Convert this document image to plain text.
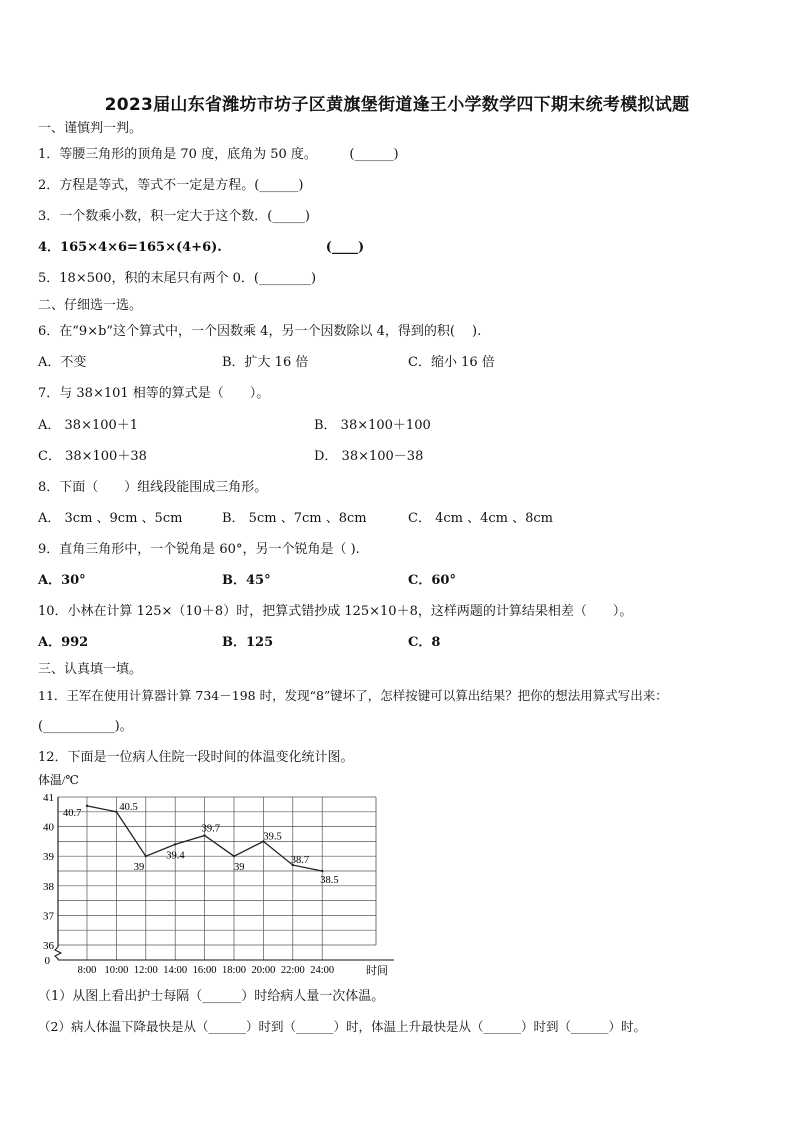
2023届山东省潍坊市坊子区黄旗堡街道逢王小学数学四下期末统考模拟试题
一、谨慎判一判。
1．等腰三角形的顶角是 70 度，底角为 50 度。　　　(______)
2．方程是等式，等式不一定是方程。(______)
3．一个数乘小数，积一定大于这个数．(_____)
4．165×4×6=165×(4+6).　　　　　　　　(____)
5．18×500，积的末尾只有两个 0．(________)
二、仔细选一选。
6．在“9×b”这个算式中，一个因数乘 4，另一个因数除以 4，得到的积(　 ).
A．不变	B．扩大 16 倍	C．缩小 16 倍
7．与 38×101 相等的算式是（　　）。
A． 38×100＋1	B． 38×100＋100
C． 38×100＋38	D． 38×100－38
8．下面（　　）组线段能围成三角形。
A． 3cm 、9cm 、5cm	B． 5cm 、7cm 、8cm	C． 4cm 、4cm 、8cm
9．直角三角形中，一个锐角是 60°，另一个锐角是（ ).
A．30°	B．45°	C．60°
10．小林在计算 125×（10＋8）时，把算式错抄成 125×10＋8，这样两题的计算结果相差（　　）。
A．992	B．125	C．8
三、认真填一填。
11．王军在使用计算器计算 734－198 时，发现“8”键坏了，怎样按键可以算出结果？把你的想法用算式写出来：
(___________)。
12．下面是一位病人住院一段时间的体温变化统计图。
体温/℃
36
37
38
39
40
41
0
8:00 10:00 12:00 14:00 16:00 18:00 20:00 22:00 24:00
40.7
40.5
39
39.4
39.7
39
39.5
38.7
38.5
时间
（1）从图上看出护士每隔（______）时给病人量一次体温。
（2）病人体温下降最快是从（______）时到（______）时，体温上升最快是从（______）时到（______）时。
